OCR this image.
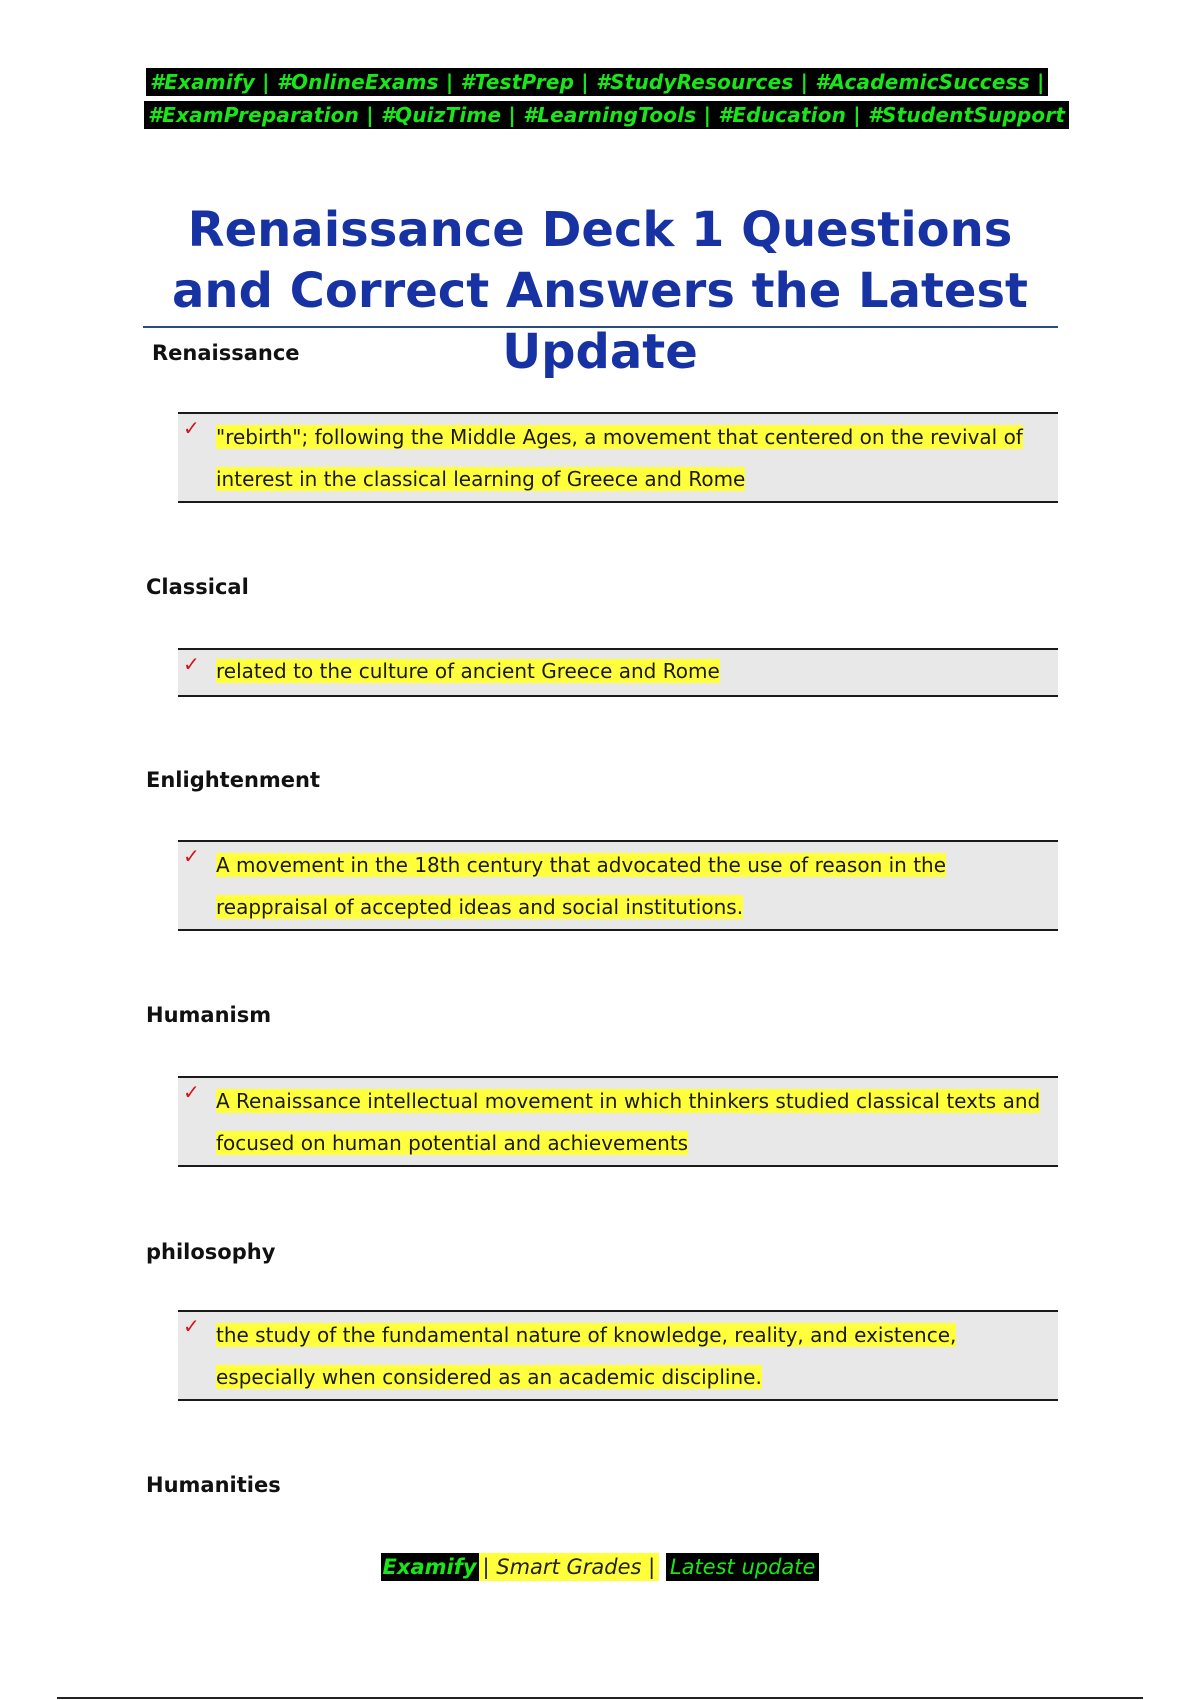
#Examify | #OnlineExams | #TestPrep | #StudyResources | #AcademicSuccess |
#ExamPreparation | #QuizTime | #LearningTools | #Education | #StudentSupport
Renaissance Deck 1 Questions and Correct Answers the Latest Update
Renaissance
✓ "rebirth"; following the Middle Ages, a movement that centered on the revival of interest in the classical learning of Greece and Rome
Classical
✓ related to the culture of ancient Greece and Rome
Enlightenment
✓ A movement in the 18th century that advocated the use of reason in the reappraisal of accepted ideas and social institutions.
Humanism
✓ A Renaissance intellectual movement in which thinkers studied classical texts and focused on human potential and achievements
philosophy
✓ the study of the fundamental nature of knowledge, reality, and existence, especially when considered as an academic discipline.
Humanities
Examify | Smart Grades | Latest update
